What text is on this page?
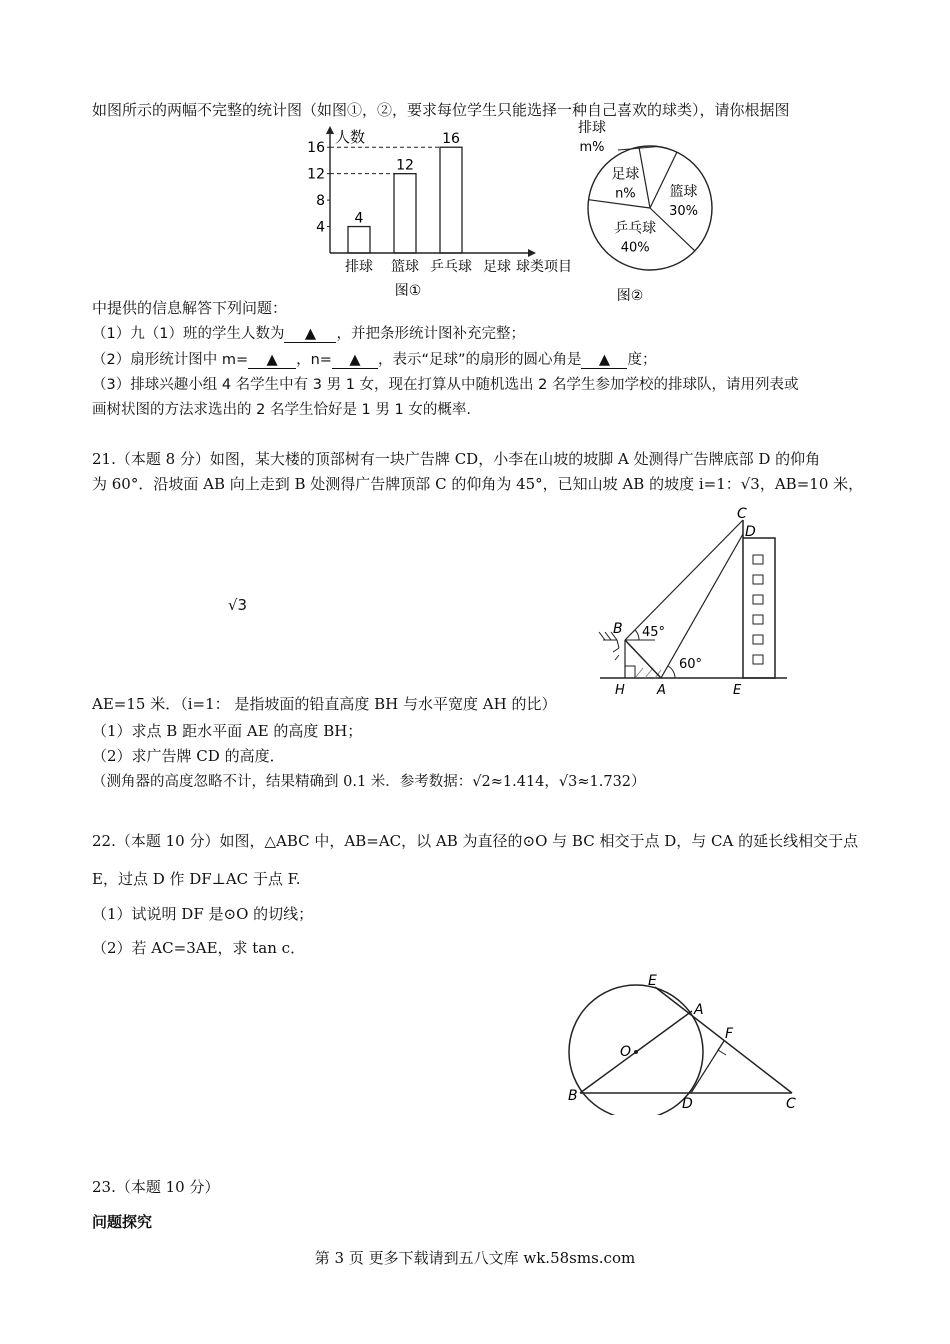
如图所示的两幅不完整的统计图（如图①，②，要求每位学生只能选择一种自己喜欢的球类），请你根据图
人数
4
8
12
16
4
排球
12
篮球
16
乒乓球 足球 球类项目
图①
排球
m%
篮球
30%
乒乓球
40%
足球
n%
图②
中提供的信息解答下列问题：
（1）九（1）班的学生人数为 ▲ ，并把条形统计图补充完整；
（2）扇形统计图中 m= ▲ ，n= ▲ ，表示“足球”的扇形的圆心角是 ▲ 度；
（3）排球兴趣小组 4 名学生中有 3 男 1 女，现在打算从中随机选出 2 名学生参加学校的排球队，请用列表或
画树状图的方法求选出的 2 名学生恰好是 1 男 1 女的概率.
21.（本题 8 分）如图，某大楼的顶部树有一块广告牌 CD，小李在山坡的坡脚 A 处测得广告牌底部 D 的仰角
为 60°．沿坡面 AB 向上走到 B 处测得广告牌顶部 C 的仰角为 45°，已知山坡 AB 的坡度 i=1：√3，AB=10 米，
√3
C
D
B 45°
60°
H A	E
AE=15 米．（i=1： 是指坡面的铅直高度 BH 与水平宽度 AH 的比）
（1）求点 B 距水平面 AE 的高度 BH；
（2）求广告牌 CD 的高度．
（测角器的高度忽略不计，结果精确到 0.1 米．参考数据：√2≈1.414，√3≈1.732）
22.（本题 10 分）如图，△ABC 中，AB=AC，以 AB 为直径的⊙O 与 BC 相交于点 D，与 CA 的延长线相交于点
E，过点 D 作 DF⊥AC 于点 F.
（1）试说明 DF 是⊙O 的切线；
（2）若 AC=3AE，求 tan c．
E
A
F
O
B	D	C
23.（本题 10 分）
问题探究
第 3 页 更多下载请到五八文库 wk.58sms.com
